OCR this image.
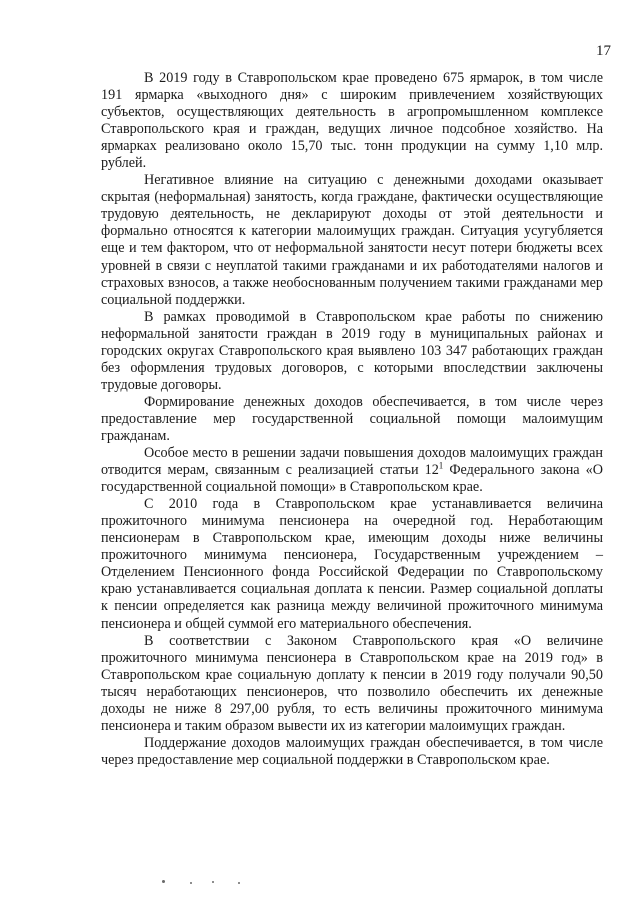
17

В 2019 году в Ставропольском крае проведено 675 ярмарок, в том числе 191 ярмарка «выходного дня» с широким привлечением хозяйствующих субъектов, осуществляющих деятельность в агропромышленном комплексе Ставропольского края и граждан, ведущих личное подсобное хозяйство. На ярмарках реализовано около 15,70 тыс. тонн продукции на сумму 1,10 млр. рублей.

Негативное влияние на ситуацию с денежными доходами оказывает скрытая (неформальная) занятость, когда граждане, фактически осуществляющие трудовую деятельность, не декларируют доходы от этой деятельности и формально относятся к категории малоимущих граждан. Ситуация усугубляется еще и тем фактором, что от неформальной занятости несут потери бюджеты всех уровней в связи с неуплатой такими гражданами и их работодателями налогов и страховых взносов, а также необоснованным получением такими гражданами мер социальной поддержки.

В рамках проводимой в Ставропольском крае работы по снижению неформальной занятости граждан в 2019 году в муниципальных районах и городских округах Ставропольского края выявлено 103 347 работающих граждан без оформления трудовых договоров, с которыми впоследствии заключены трудовые договоры.

Формирование денежных доходов обеспечивается, в том числе через предоставление мер государственной социальной помощи малоимущим гражданам.

Особое место в решении задачи повышения доходов малоимущих граждан отводится мерам, связанным с реализацией статьи $12^1$ Федерального закона «О государственной социальной помощи» в Ставропольском крае.

С 2010 года в Ставропольском крае устанавливается величина прожиточного минимума пенсионера на очередной год. Неработающим пенсионерам в Ставропольском крае, имеющим доходы ниже величины прожиточного минимума пенсионера, Государственным учреждением – Отделением Пенсионного фонда Российской Федерации по Ставропольскому краю устанавливается социальная доплата к пенсии. Размер социальной доплаты к пенсии определяется как разница между величиной прожиточного минимума пенсионера и общей суммой его материального обеспечения.

В соответствии с Законом Ставропольского края «О величине прожиточного минимума пенсионера в Ставропольском крае на 2019 год» в Ставропольском крае социальную доплату к пенсии в 2019 году получали 90,50 тысяч неработающих пенсионеров, что позволило обеспечить их денежные доходы не ниже 8 297,00 рубля, то есть величины прожиточного минимума пенсионера и таким образом вывести их из категории малоимущих граждан.

Поддержание доходов малоимущих граждан обеспечивается, в том числе через предоставление мер социальной поддержки в Ставропольском крае.
